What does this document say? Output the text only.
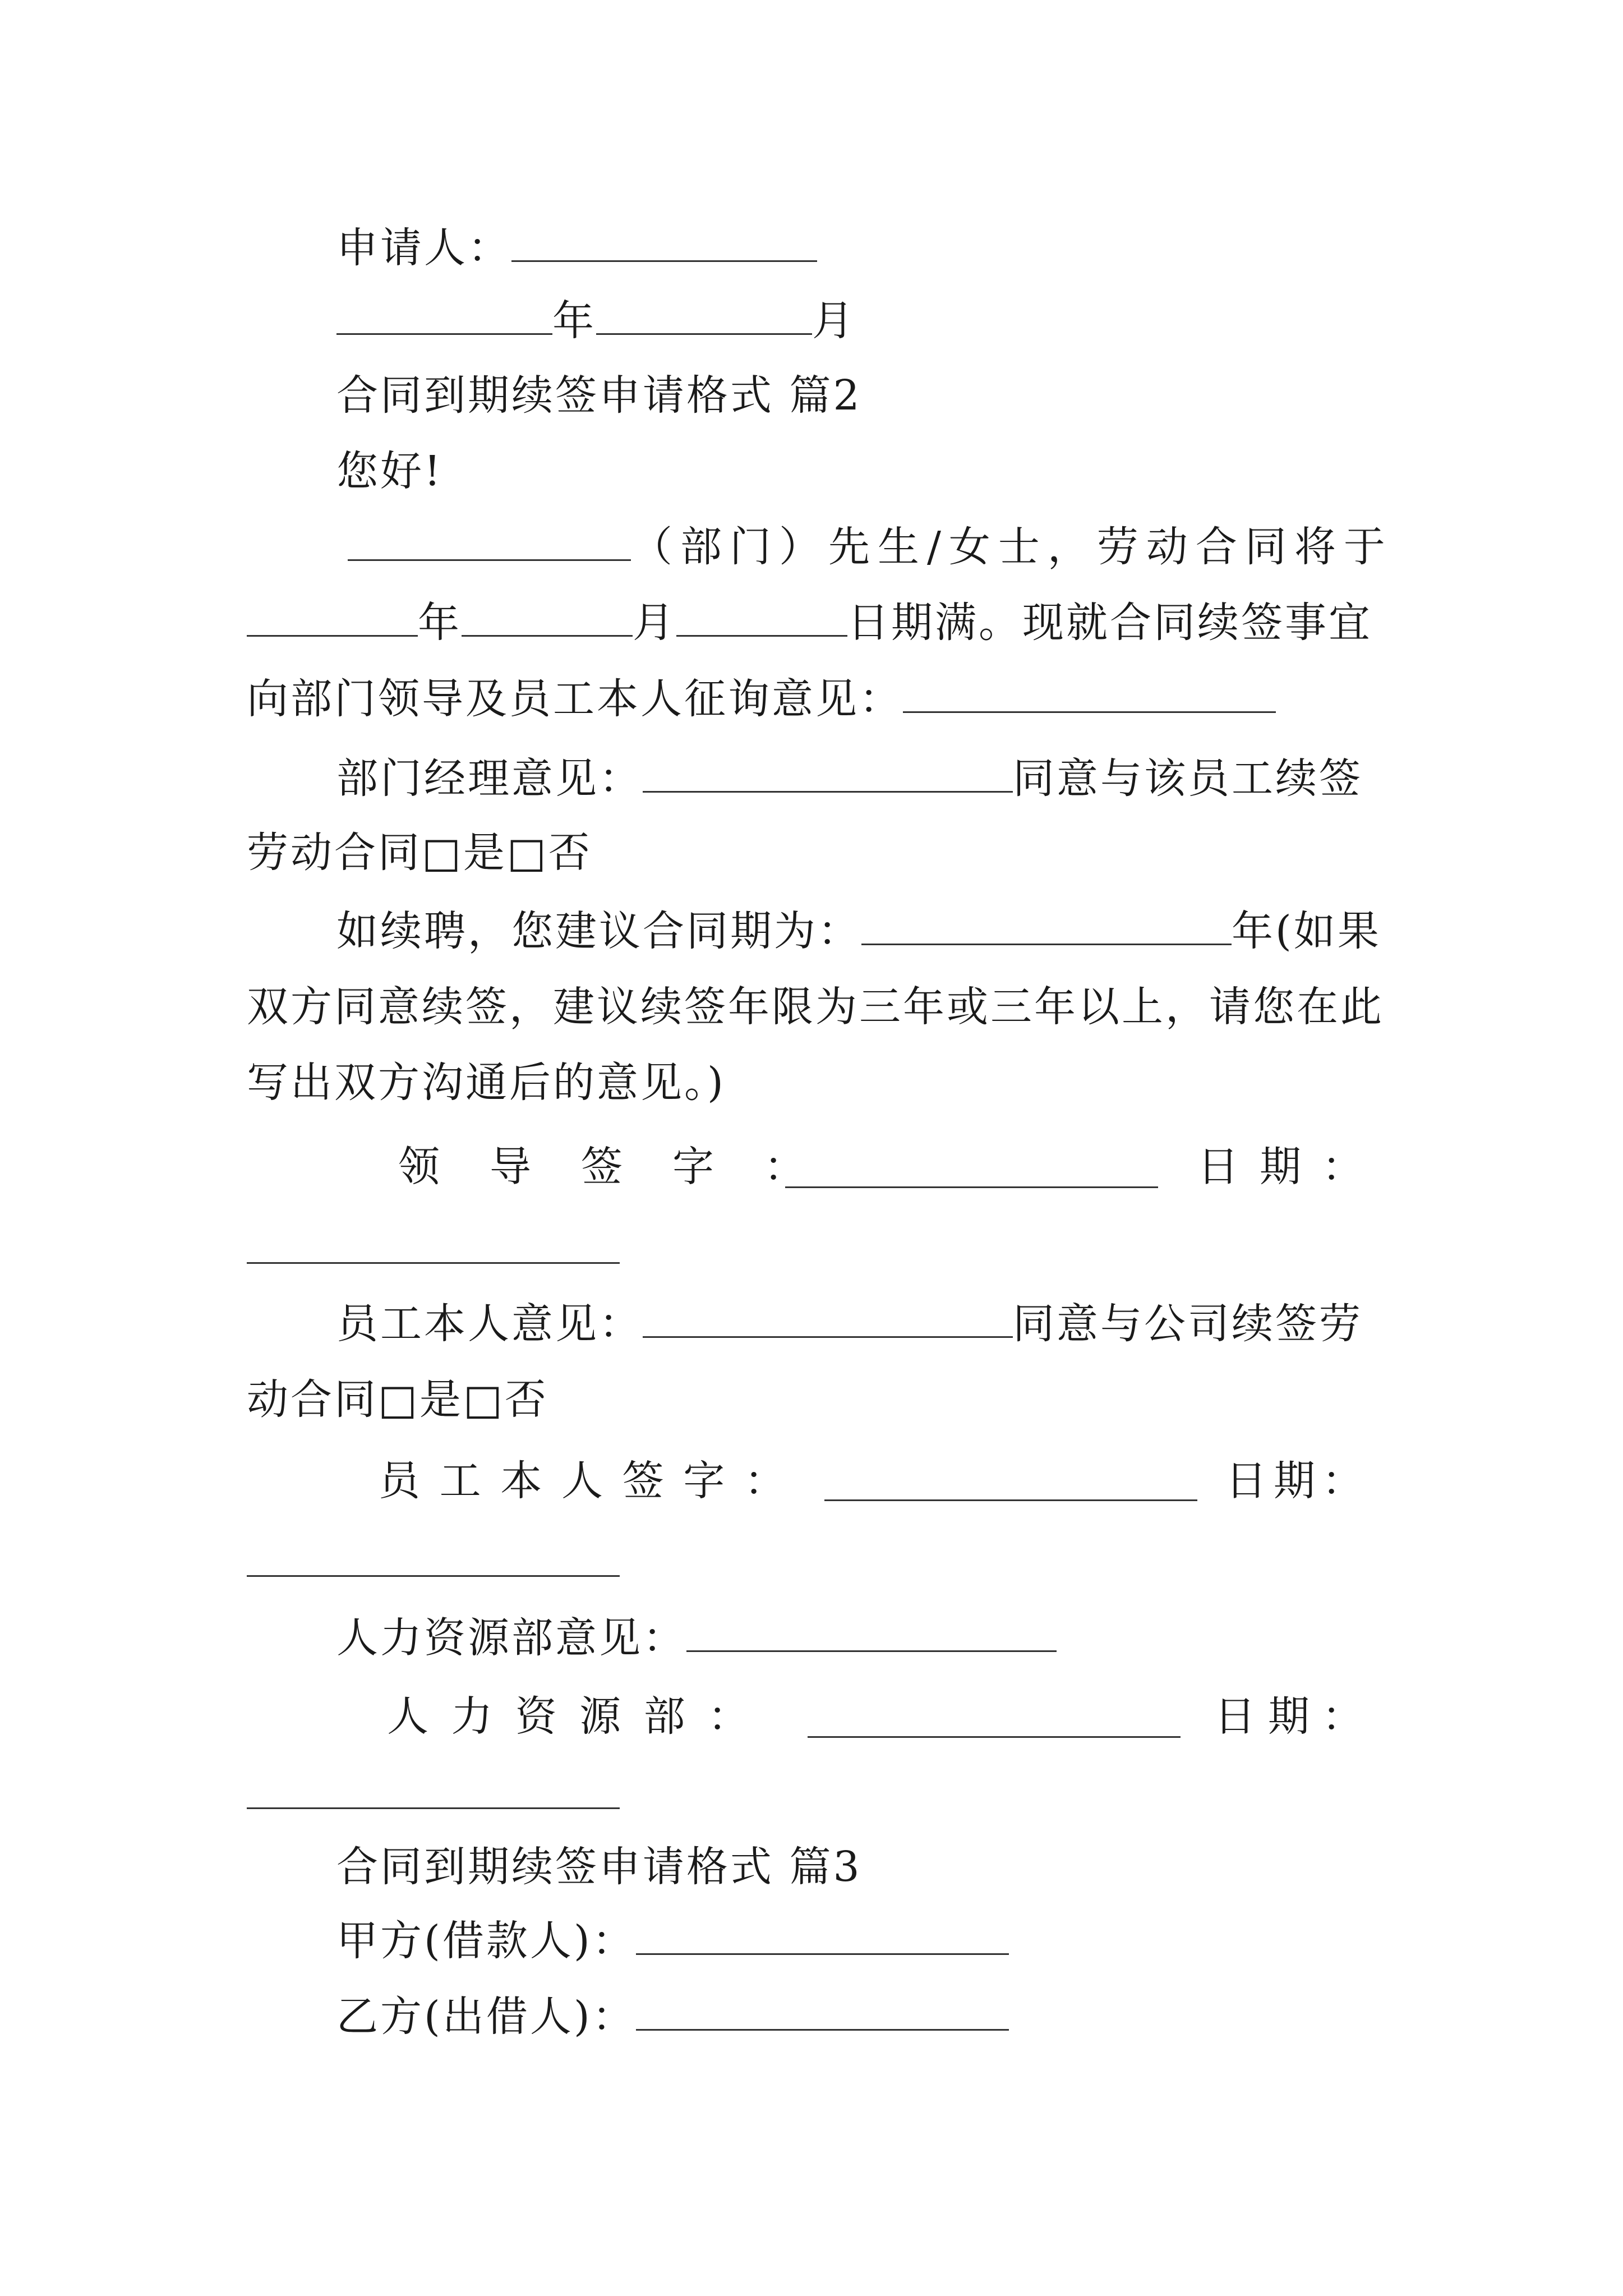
申请人：
年	月
合同到期续签申请格式 篇2
您好!
（部门）先生/女士，劳动合同将于
年	月	日期满。现就合同续签事宜
向部门领导及员工本人征询意见：
部门经理意见：	同意与该员工续签
劳动合同□是□否
如续聘，您建议合同期为：	年(如果
双方同意续签，建议续签年限为三年或三年以上，请您在此
写出双方沟通后的意见。)
领 导 签 字 ：	日 期 ：
员工本人意见：	同意与公司续签劳
动合同□是□否
员 工 本 人 签 字 ：	日 期 ：
人力资源部意见：
人 力 资 源 部 ：	日 期 ：
合同到期续签申请格式 篇3
甲方(借款人)：
乙方(出借人)：
